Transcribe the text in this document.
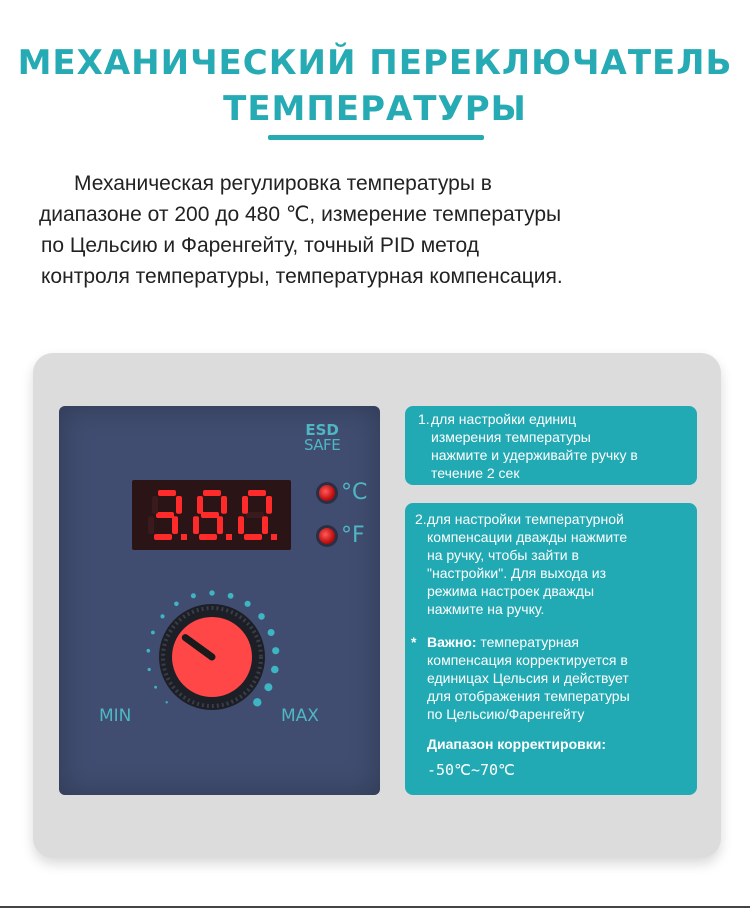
МЕХАНИЧЕСКИЙ ПЕРЕКЛЮЧАТЕЛЬ
ТЕМПЕРАТУРЫ
Механическая регулировка температуры в
диапазоне от 200 до 480 ℃, измерение температуры
по Цельсию и Фаренгейту, точный PID метод
контроля температуры, температурная компенсация.
ESD
SAFE
°C
°F
MIN	MAX
1. для настройки единиц
измерения температуры
нажмите и удерживайте ручку в
течение 2 сек
2. для настройки температурной
компенсации дважды нажмите
на ручку, чтобы зайти в
"настройки". Для выхода из
режима настроек дважды
нажмите на ручку.
* Важно: температурная
компенсация корректируется в
единицах Цельсия и действует
для отображения температуры
по Цельсию/Фаренгейту
Диапазон корректировки:
-50℃~70℃
